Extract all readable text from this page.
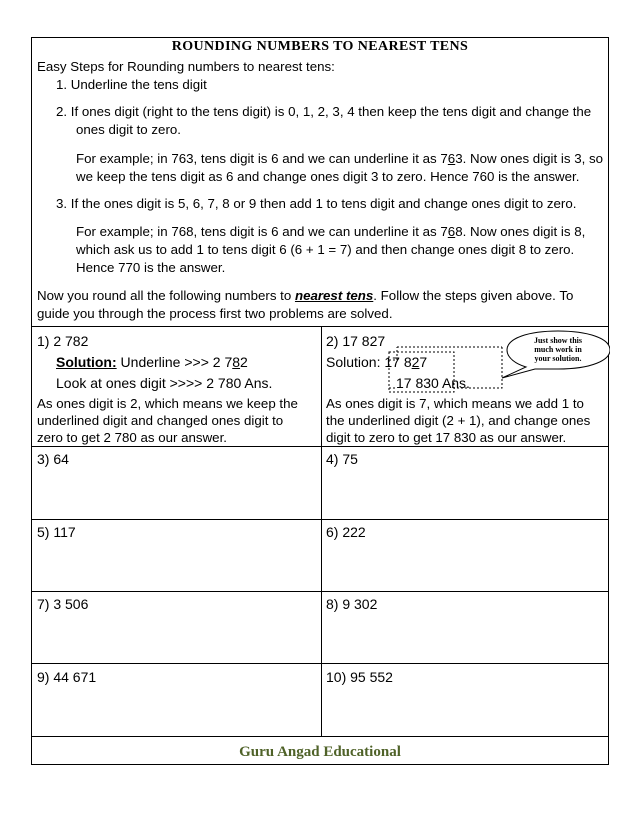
ROUNDING NUMBERS TO NEAREST TENS
Easy Steps for Rounding numbers to nearest tens:
1. Underline the tens digit
2. If ones digit (right to the tens digit) is 0, 1, 2, 3, 4 then keep the tens digit and change the
ones digit to zero.
For example; in 763, tens digit is 6 and we can underline it as 763. Now ones digit is 3, so
we keep the tens digit as 6 and change ones digit 3 to zero. Hence 760 is the answer.
3. If the ones digit is 5, 6, 7, 8 or 9 then add 1 to tens digit and change ones digit to zero.
For example; in 768, tens digit is 6 and we can underline it as 768. Now ones digit is 8,
which ask us to add 1 to tens digit 6 (6 + 1 = 7) and then change ones digit 8 to zero.
Hence 770 is the answer.
Now you round all the following numbers to nearest tens. Follow the steps given above. To
guide you through the process first two problems are solved.
1) 2 782
Solution: Underline >>> 2 782
Look at ones digit >>>> 2 780 Ans.
As ones digit is 2, which means we keep the
underlined digit and changed ones digit to
zero to get 2 780 as our answer.
2) 17 827
Solution: 17 827
17 830 Ans.
Just show this
much work in
your solution.
As ones digit is 7, which means we add 1 to
the underlined digit (2 + 1), and change ones
digit to zero to get 17 830 as our answer.
3) 64	4) 75
5) 117	6) 222
7) 3 506	8) 9 302
9) 44 671	10) 95 552
Guru Angad Educational
